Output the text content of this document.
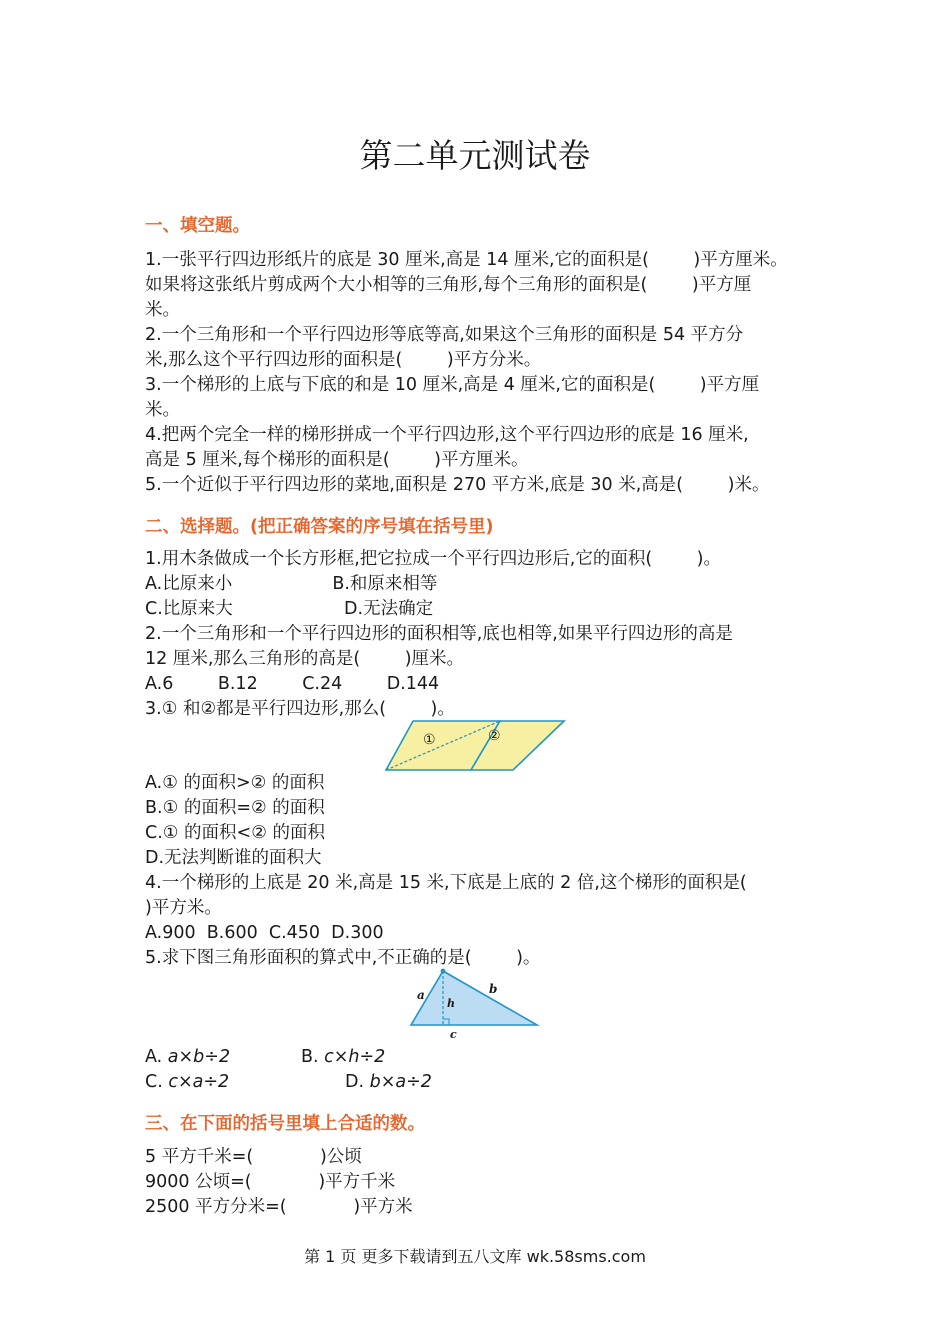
第二单元测试卷
一、填空题。
1.一张平行四边形纸片的底是 30 厘米,高是 14 厘米,它的面积是(        )平方厘米。
如果将这张纸片剪成两个大小相等的三角形,每个三角形的面积是(        )平方厘
米。
2.一个三角形和一个平行四边形等底等高,如果这个三角形的面积是 54 平方分
米,那么这个平行四边形的面积是(        )平方分米。
3.一个梯形的上底与下底的和是 10 厘米,高是 4 厘米,它的面积是(        )平方厘
米。
4.把两个完全一样的梯形拼成一个平行四边形,这个平行四边形的底是 16 厘米,
高是 5 厘米,每个梯形的面积是(        )平方厘米。
5.一个近似于平行四边形的菜地,面积是 270 平方米,底是 30 米,高是(        )米。
二、选择题。(把正确答案的序号填在括号里)
1.用木条做成一个长方形框,把它拉成一个平行四边形后,它的面积(        )。
A.比原来小                  B.和原来相等
C.比原来大                    D.无法确定
2.一个三角形和一个平行四边形的面积相等,底也相等,如果平行四边形的高是
12 厘米,那么三角形的高是(        )厘米。
A.6        B.12        C.24        D.144
3.① 和②都是平行四边形,那么(        )。
①	②
A.① 的面积>② 的面积
B.① 的面积=② 的面积
C.① 的面积<② 的面积
D.无法判断谁的面积大
4.一个梯形的上底是 20 米,高是 15 米,下底是上底的 2 倍,这个梯形的面积是(
)平方米。
A.900  B.600  C.450  D.300
5.求下图三角形面积的算式中,不正确的是(        )。
a	b
h
c
A. a×b÷2	B. c×h÷2
C. c×a÷2	D. b×a÷2
三、在下面的括号里填上合适的数。
5 平方千米=(            )公顷
9000 公顷=(            )平方千米
2500 平方分米=(            )平方米
第 1 页 更多下载请到五八文库 wk.58sms.com
